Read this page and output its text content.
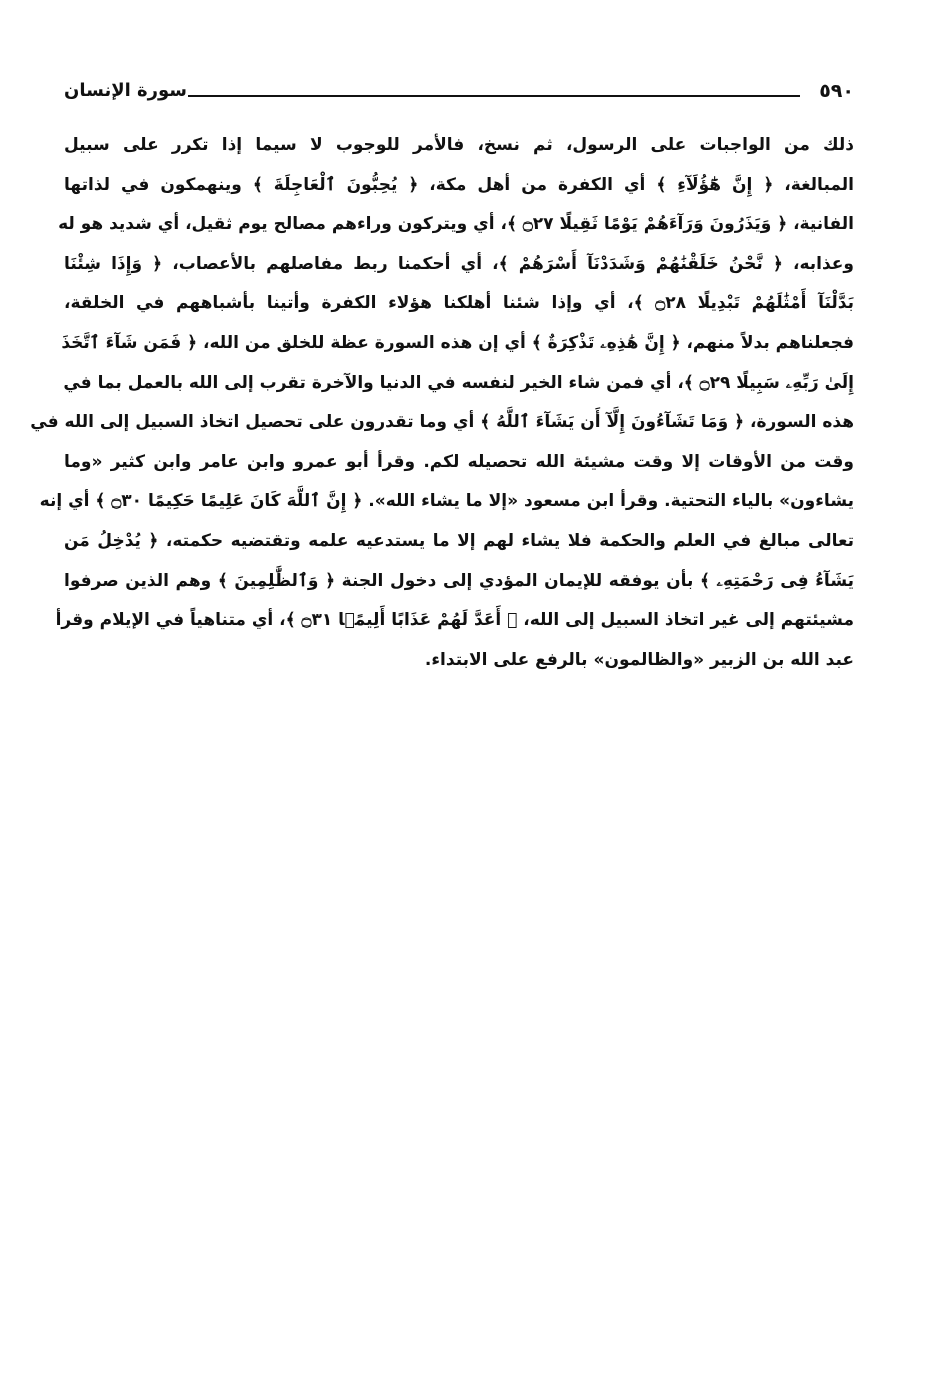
٥٩٠
سورة الإنسان
ذلك من الواجبات على الرسول، ثم نسخ، فالأمر للوجوب لا سيما إذا تكرر على سبيل
المبالغة، ﴿ إِنَّ هَٰٓؤُلَآءِ ﴾ أي الكفرة من أهل مكة، ﴿ يُحِبُّونَ ٱلْعَاجِلَةَ ﴾ وينهمكون في لذاتها
الفانية، ﴿ وَيَذَرُونَ وَرَآءَهُمْ يَوْمًا ثَقِيلًا ۝٢٧ ﴾، أي ويتركون وراءهم مصالح يوم ثقيل، أي شديد هو له
وعذابه، ﴿ نَّحْنُ خَلَقْنَٰهُمْ وَشَدَدْنَآ أَسْرَهُمْ ﴾، أي أحكمنا ربط مفاصلهم بالأعصاب، ﴿ وَإِذَا شِئْنَا
بَدَّلْنَآ أَمْثَٰلَهُمْ تَبْدِيلًا ۝٢٨ ﴾، أي وإذا شئنا أهلكنا هؤلاء الكفرة وأتينا بأشباههم في الخلقة،
فجعلناهم بدلاً منهم، ﴿ إِنَّ هَٰذِهِۦ تَذْكِرَةٌ ﴾ أي إن هذه السورة عظة للخلق من الله، ﴿ فَمَن شَآءَ ٱتَّخَذَ
إِلَىٰ رَبِّهِۦ سَبِيلًا ۝٢٩ ﴾، أي فمن شاء الخير لنفسه في الدنيا والآخرة تقرب إلى الله بالعمل بما في
هذه السورة، ﴿ وَمَا تَشَآءُونَ إِلَّآ أَن يَشَآءَ ٱللَّهُ ﴾ أي وما تقدرون على تحصيل اتخاذ السبيل إلى الله في
وقت من الأوقات إلا وقت مشيئة الله تحصيله لكم. وقرأ أبو عمرو وابن عامر وابن كثير «وما
يشاءون» بالياء التحتية. وقرأ ابن مسعود «إلا ما يشاء الله». ﴿ إِنَّ ٱللَّهَ كَانَ عَلِيمًا حَكِيمًا ۝٣٠ ﴾ أي إنه
تعالى مبالغ في العلم والحكمة فلا يشاء لهم إلا ما يستدعيه علمه وتقتضيه حكمته، ﴿ يُدْخِلُ مَن
يَشَآءُ فِى رَحْمَتِهِۦ ﴾ بأن يوفقه للإيمان المؤدي إلى دخول الجنة ﴿ وَٱلظَّٰلِمِينَ ﴾ وهم الذين صرفوا
مشيئتهم إلى غير اتخاذ السبيل إلى الله، ﴿ أَعَدَّ لَهُمْ عَذَابًا أَلِيمًۢا ۝٣١ ﴾، أي متناهياً في الإيلام وقرأ
عبد الله بن الزبير «والظالمون» بالرفع على الابتداء.
